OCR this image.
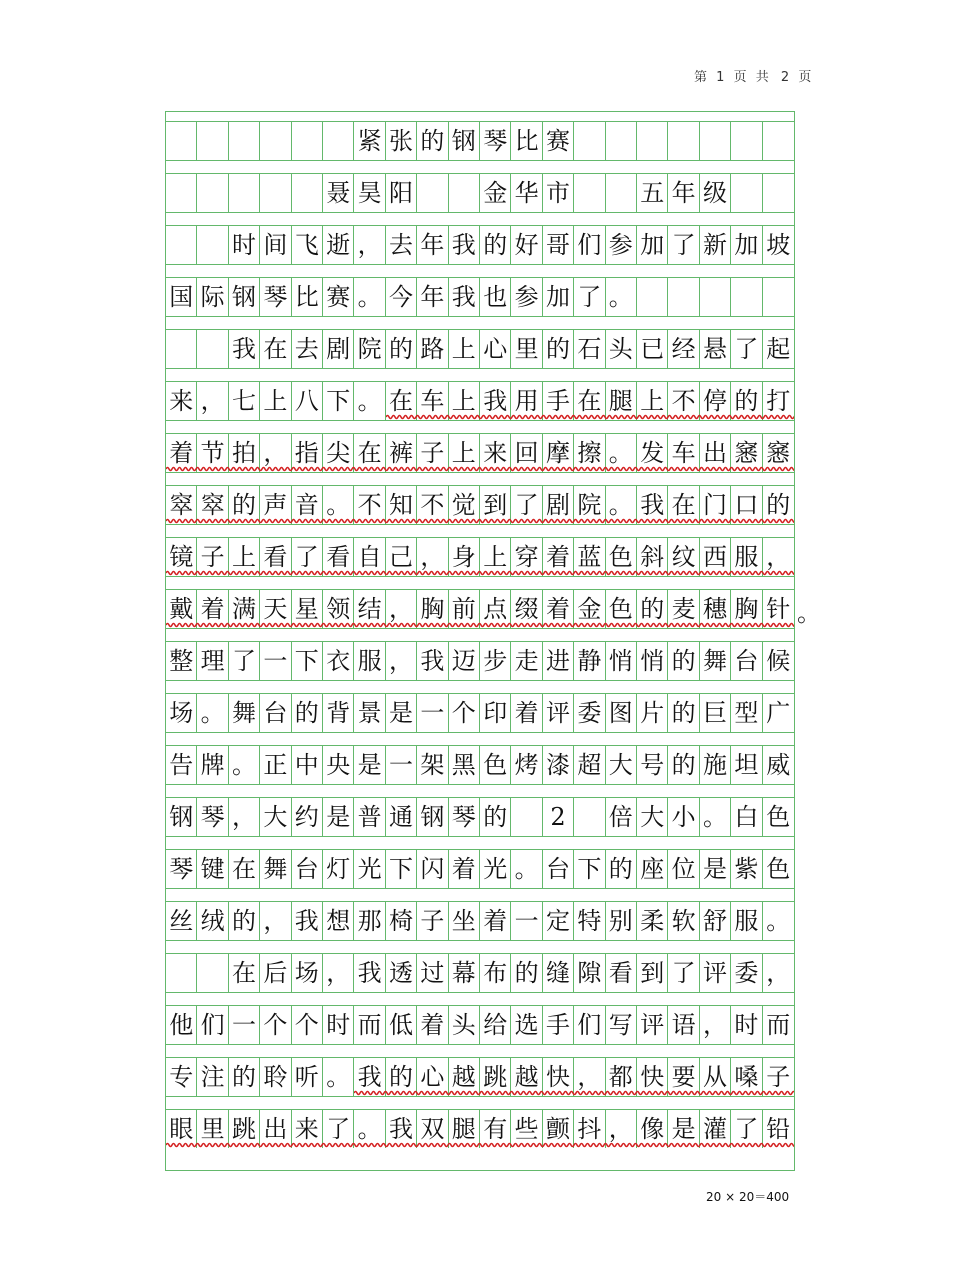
第 1 页 共 2 页
紧 张 的 钢 琴 比 赛
聂 昊 阳	金 华 市	五 年 级
时 间 飞 逝 ， 去 年 我 的 好 哥 们 参 加 了 新 加 坡
国 际 钢 琴 比 赛 。 今 年 我 也 参 加 了 。
我 在 去 剧 院 的 路 上 心 里 的 石 头 已 经 悬 了 起
来 ， 七 上 八 下 。 在 车 上 我 用 手 在 腿 上 不 停 的 打
着 节 拍 ， 指 尖 在 裤 子 上 来 回 摩 擦 。 发 车 出 窸 窸
窣 窣 的 声 音 。 不 知 不 觉 到 了 剧 院 。 我 在 门 口 的
镜 子 上 看 了 看 自 己 ， 身 上 穿 着 蓝 色 斜 纹 西 服 ，
戴 着 满 天 星 领 结 ， 胸 前 点 缀 着 金 色 的 麦 穗 胸 针
整 理 了 一 下 衣 服 ， 我 迈 步 走 进 静 悄 悄 的 舞 台 候
场 。 舞 台 的 背 景 是 一 个 印 着 评 委 图 片 的 巨 型 广
告 牌 。 正 中 央 是 一 架 黑 色 烤 漆 超 大 号 的 施 坦 威
钢 琴 ， 大 约 是 普 通 钢 琴 的	2	倍 大 小 。 白 色
琴 键 在 舞 台 灯 光 下 闪 着 光 。 台 下 的 座 位 是 紫 色
丝 绒 的 ， 我 想 那 椅 子 坐 着 一 定 特 别 柔 软 舒 服 。
在 后 场 ， 我 透 过 幕 布 的 缝 隙 看 到 了 评 委 ，
他 们 一 个 个 时 而 低 着 头 给 选 手 们 写 评 语 ， 时 而
专 注 的 聆 听 。 我 的 心 越 跳 越 快 ， 都 快 要 从 嗓 子
眼 里 跳 出 来 了 。 我 双 腿 有 些 颤 抖 ， 像 是 灌 了 铅
20 × 20＝400
。
